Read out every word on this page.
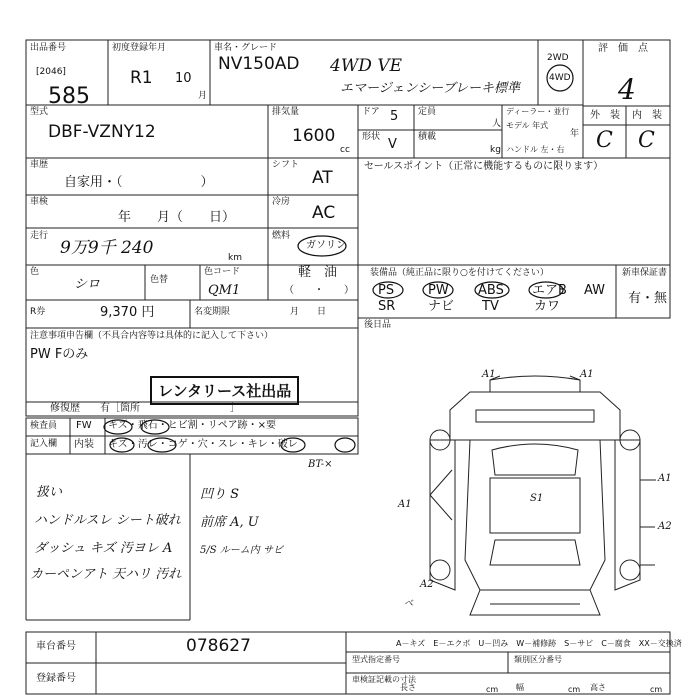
出品番号
[2046]
585
初度登録年月
R1 10
月
車名・グレード
NV150AD 4WD VE
エマージェンシーブレーキ標準
2WD
4WD
評　価　点
4
外　装 内　装
C C
型式
DBF-VZNY12
排気量
1600
cc
ドア 5
形状 V
定員
人
積載
kg
ディーラー・並行
モデル 年式
年
ハンドル 左・右
車歴
自家用・（　　　　　　）
車検
年　　月（　　日）
走行
9万9千 240	km
色
シロ	色替
色コード
QM1
R券	9,370 円	名変期限	月　　日
シフト
AT
冷房
AC
燃料
ガソリン
軽　油
（　　・　　）
セールスポイント（正常に機能するものに限ります）
装備品（純正品に限り○を付けてください）	新車保証書
PS	PW ABS エアB AW
SR	ナビ TV	カワ
有・無
後日品
注意事項申告欄（不具合内容等は具体的に記入して下さい）
PW Fのみ
レンタリース社出品
修復歴　　有［箇所　　　　　　　　　］
検査員
記入欄
FW キズ・飛石・ヒビ割・リペア跡・×要
内装 キズ・汚レ・コゲ・穴・スレ・キレ・破レ
BT-×
扱い
ハンドルスレ シート破れ
ダッシュ キズ 汚ヨレ A
カーペンアト 天ハリ 汚れ
凹り S
前席 A, U
5/S ルーム内 サビ
A1	A1
A1
A1
A2
A2
S1
ベ
車台番号	078627
登録番号
A－キズ　E－エクボ　U－凹み　W－補修跡　S－サビ　C－腐食　XX－交換済
型式指定番号	類別区分番号
車検証記載の寸法
長さ	幅	高さ
cm	cm	cm
